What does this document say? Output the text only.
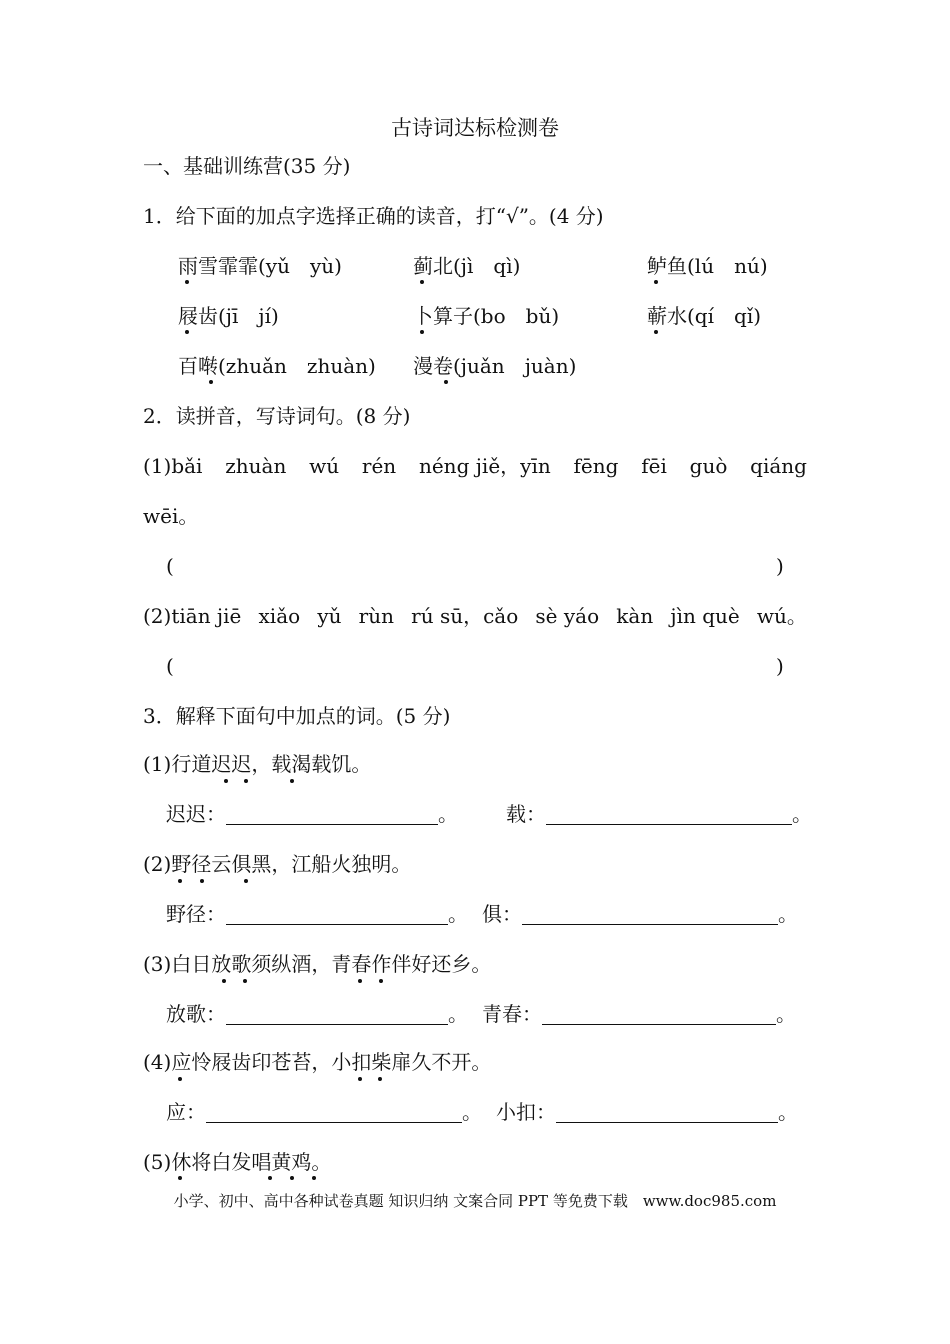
古诗词达标检测卷
一、基础训练营(35 分)
1．给下面的加点字选择正确的读音，打“√”。(4 分)
雨雪霏霏(yǔ yù)	蓟北(jì qì)	鲈鱼(lú nú)
屐齿(jī jí)	卜算子(bo bǔ)	蕲水(qí qǐ)
百啭(zhuǎn zhuàn) 漫卷(juǎn juàn)
2．读拼音，写诗词句。(8 分)
(1)bǎi zhuàn wú rén néng jiě，yīn fēng fēi guò qiáng
wēi。
(	)
(2)tiān jiē xiǎo yǔ rùn rú sū，cǎo sè yáo kàn jìn què wú。
(	)
3．解释下面句中加点的词。(5 分)
(1)行道迟迟，载渴载饥。
迟迟：	。 载：	。
(2)野径云俱黑，江船火独明。
野径：	。 俱：	。
(3)白日放歌须纵酒，青春作伴好还乡。
放歌：	。 青春：	。
(4)应怜屐齿印苍苔，小扣柴扉久不开。
应：	。 小扣：	。
(5)休将白发唱黄鸡。
小学、初中、高中各种试卷真题 知识归纳 文案合同 PPT 等免费下载　www.doc985.com
